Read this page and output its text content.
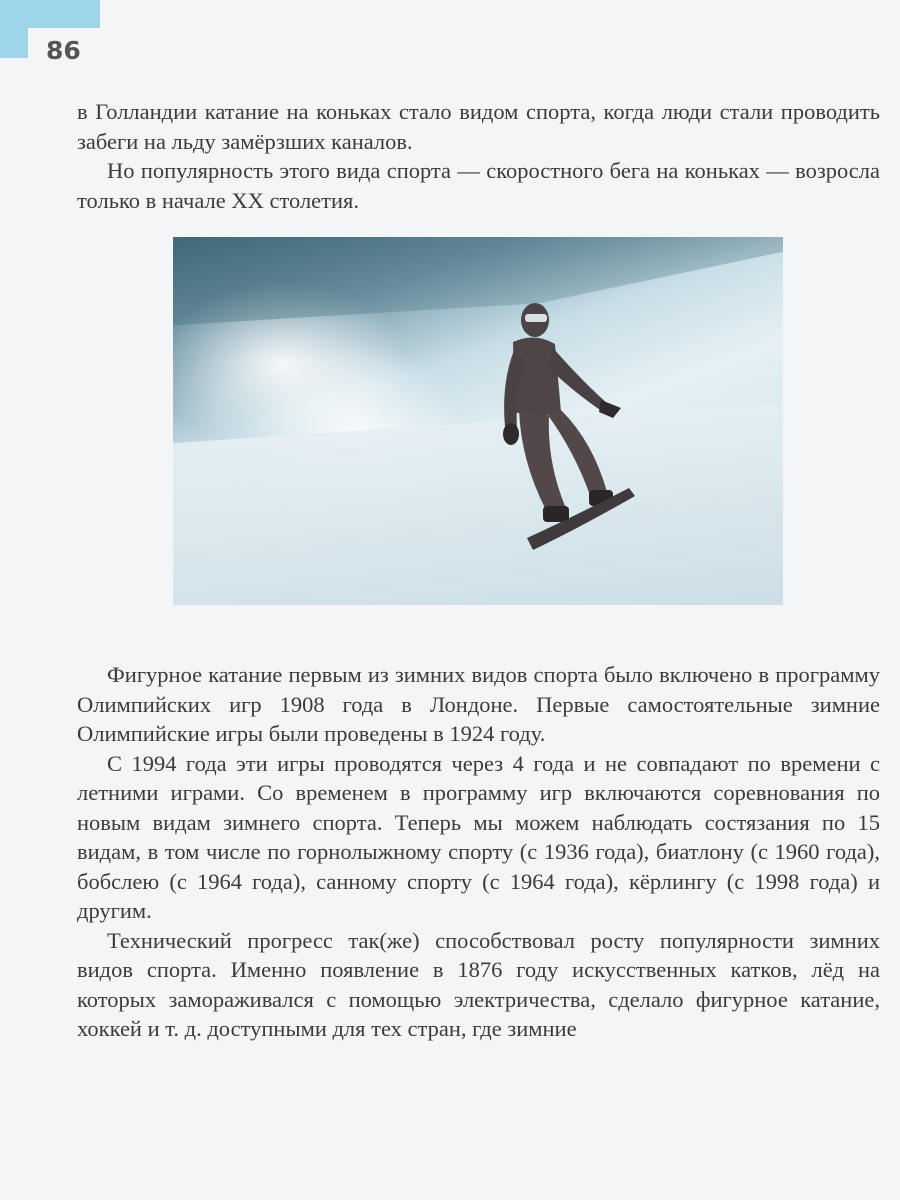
86

в Голландии катание на коньках стало видом спорта, когда люди стали проводить забеги на льду замёрзших каналов.

Но популярность этого вида спорта — скоростного бега на коньках — возросла только в начале XX столетия.

Фигурное катание первым из зимних видов спорта было включено в программу Олимпийских игр 1908 года в Лондоне. Первые самостоятельные зимние Олимпийские игры были проведены в 1924 году.

С 1994 года эти игры проводятся через 4 года и не совпадают по времени с летними играми. Со временем в программу игр включаются соревнования по новым видам зимнего спорта. Теперь мы можем наблюдать состязания по 15 видам, в том числе по горнолыжному спорту (с 1936 года), биатлону (с 1960 года), бобслею (с 1964 года), санному спорту (с 1964 года), кёрлингу (с 1998 года) и другим.

Технический прогресс так(же) способствовал росту популярности зимних видов спорта. Именно появление в 1876 году искусственных катков, лёд на которых замораживался с помощью электричества, сделало фигурное катание, хоккей и т. д. доступными для тех стран, где зимние
